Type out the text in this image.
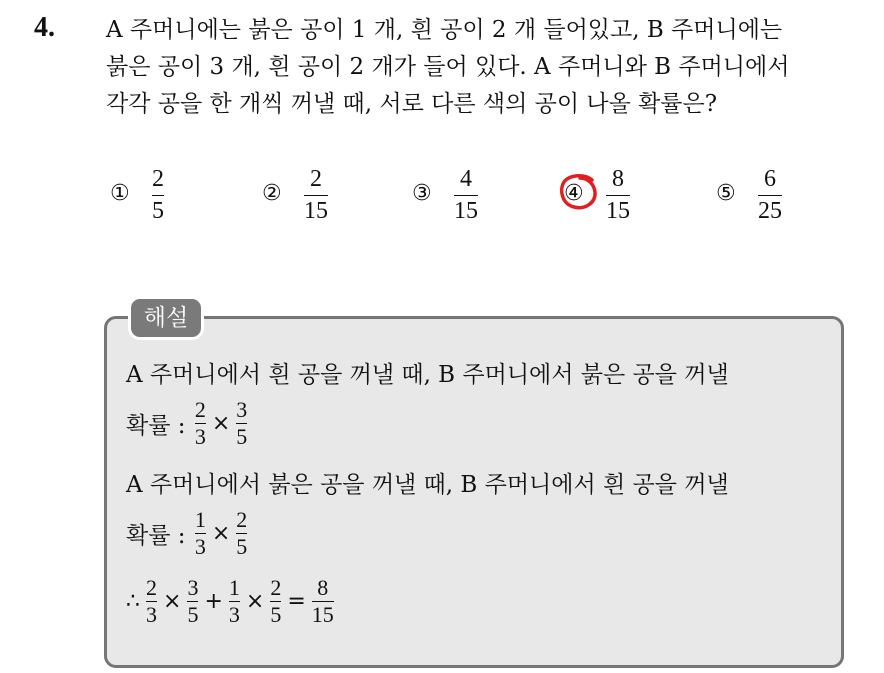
4. A 주머니에는 붉은 공이 1 개, 흰 공이 2 개 들어있고, B 주머니에는
붉은 공이 3 개, 흰 공이 2 개가 들어 있다. A 주머니와 B 주머니에서
각각 공을 한 개씩 꺼낼 때, 서로 다른 색의 공이 나올 확률은?
①
2
5
②
2
15
③
4
15
④
8
15
⑤
6
25
해설
A 주머니에서 흰 공을 꺼낼 때, B 주머니에서 붉은 공을 꺼낼
확률 : $\frac{2}{3} \times \frac{3}{5}$
A 주머니에서 붉은 공을 꺼낼 때, B 주머니에서 흰 공을 꺼낼
확률 : $\frac{1}{3} \times \frac{2}{5}$
∴ $\frac{2}{3} \times \frac{3}{5} + \frac{1}{3} \times \frac{2}{5} = \frac{8}{15}$
